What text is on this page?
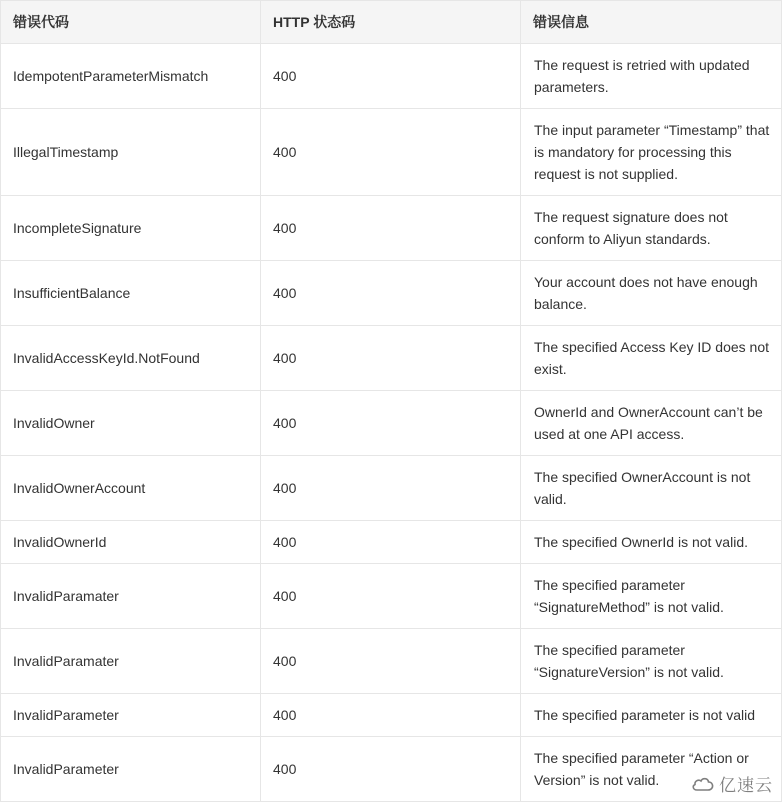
错误代码	HTTP 状态码	错误信息
IdempotentParameterMismatch	400	The request is retried with updated parameters.
IllegalTimestamp	400	The input parameter “Timestamp” that is mandatory for processing this request is not supplied.
IncompleteSignature	400	The request signature does not conform to Aliyun standards.
InsufficientBalance	400	Your account does not have enough balance.
InvalidAccessKeyId.NotFound	400	The specified Access Key ID does not exist.
InvalidOwner	400	OwnerId and OwnerAccount can’t be used at one API access.
InvalidOwnerAccount	400	The specified OwnerAccount is not valid.
InvalidOwnerId	400	The specified OwnerId is not valid.
InvalidParamater	400	The specified parameter “SignatureMethod” is not valid.
InvalidParamater	400	The specified parameter “SignatureVersion” is not valid.
InvalidParameter	400	The specified parameter is not valid
InvalidParameter	400	The specified parameter “Action or Version” is not valid.	亿速云
